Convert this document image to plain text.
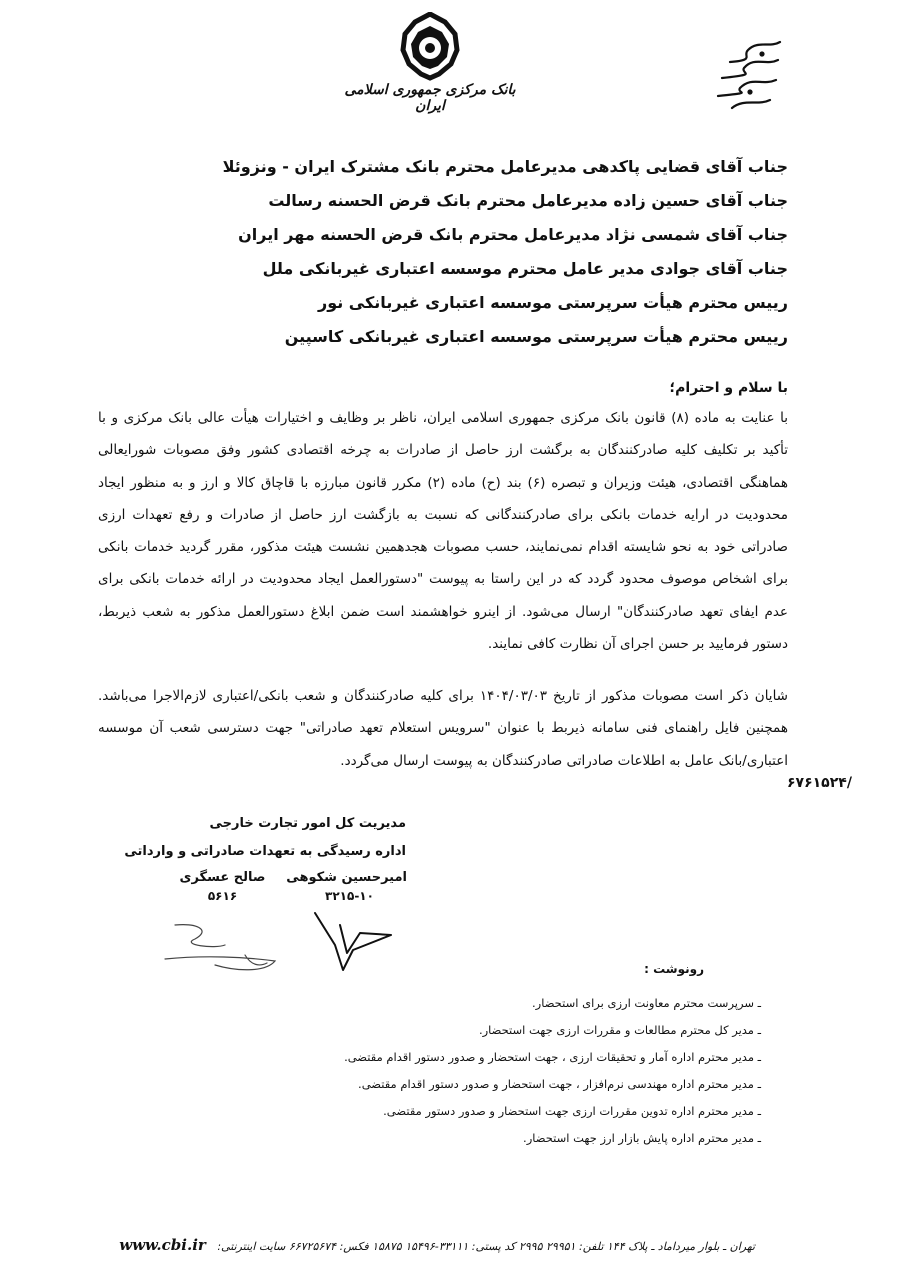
بانک مرکزی جمهوری اسلامی ایران
جناب آقای قضایی پاکدهی مدیرعامل محترم بانک مشترک ایران - ونزوئلا
جناب آقای حسین زاده مدیرعامل محترم بانک قرض الحسنه رسالت
جناب آقای شمسی نژاد مدیرعامل محترم بانک قرض الحسنه مهر ایران
جناب آقای جوادی مدیر عامل محترم موسسه اعتباری غیربانکی ملل
رییس محترم هیأت سرپرستی موسسه اعتباری غیربانکی نور
رییس محترم هیأت سرپرستی موسسه اعتباری غیربانکی کاسپین
با سلام و احترام؛
با عنایت به ماده (۸) قانون بانک مرکزی جمهوری اسلامی ایران، ناظر بر وظایف و اختیارات هیأت عالی بانک مرکزی و با تأکید بر تکلیف کلیه صادرکنندگان به برگشت ارز حاصل از صادرات به چرخه اقتصادی کشور وفق مصوبات شورایعالی هماهنگی اقتصادی، هیئت وزیران و تبصره (۶) بند (ح) ماده (۲) مکرر قانون مبارزه با قاچاق کالا و ارز و به منظور ایجاد محدودیت در ارایه خدمات بانکی برای صادرکنندگانی که نسبت به بازگشت ارز حاصل از صادرات و رفع تعهدات ارزی صادراتی خود به نحو شایسته اقدام نمی‌نمایند، حسب مصوبات هجدهمین نشست هیئت مذکور، مقرر گردید خدمات بانکی برای اشخاص موصوف محدود گردد که در این راستا به پیوست "دستورالعمل ایجاد محدودیت در ارائه خدمات بانکی برای عدم ایفای تعهد صادرکنندگان" ارسال می‌شود. از اینرو خواهشمند است ضمن ابلاغ دستورالعمل مذکور به شعب ذیربط، دستور فرمایید بر حسن اجرای آن نظارت کافی نمایند.
شایان ذکر است مصوبات مذکور از تاریخ ۱۴۰۴/۰۳/۰۳ برای کلیه صادرکنندگان و شعب بانکی/اعتباری لازم‌الاجرا می‌باشد. همچنین فایل راهنمای فنی سامانه ذیربط با عنوان "سرویس استعلام تعهد صادراتی" جهت دسترسی شعب آن موسسه اعتباری/بانک عامل به اطلاعات صادراتی صادرکنندگان به پیوست ارسال می‌گردد.
۶۷۶۱۵۲۴/
مدیریت کل امور تجارت خارجی
اداره رسیدگی به تعهدات صادراتی و وارداتی
امیرحسین شکوهی
۳۲۱۵-۱۰
صالح عسگری
۵۶۱۶
رونوشت :
ـ سرپرست محترم معاونت ارزی برای استحضار.
ـ مدیر کل محترم مطالعات و مقررات ارزی جهت استحضار.
ـ مدیر محترم اداره آمار و تحقیقات ارزی ، جهت استحضار و صدور دستور اقدام مقتضی.
ـ مدیر محترم اداره مهندسی نرم‌افزار ، جهت استحضار و صدور دستور اقدام مقتضی.
ـ مدیر محترم اداره تدوین مقررات ارزی جهت استحضار و صدور دستور مقتضی.
ـ مدیر محترم اداره پایش بازار ارز جهت استحضار.
تهران ـ بلوار میرداماد ـ پلاک ۱۴۴ تلفن: ۲۹۹۵۱ ۲۹۹۵ کد پستی: ۳۳۱۱۱-۱۵۴۹۶ ۱۵۸۷۵ فکس: ۶۶۷۲۵۶۷۴ سایت اینترنتی: www.cbi.ir
